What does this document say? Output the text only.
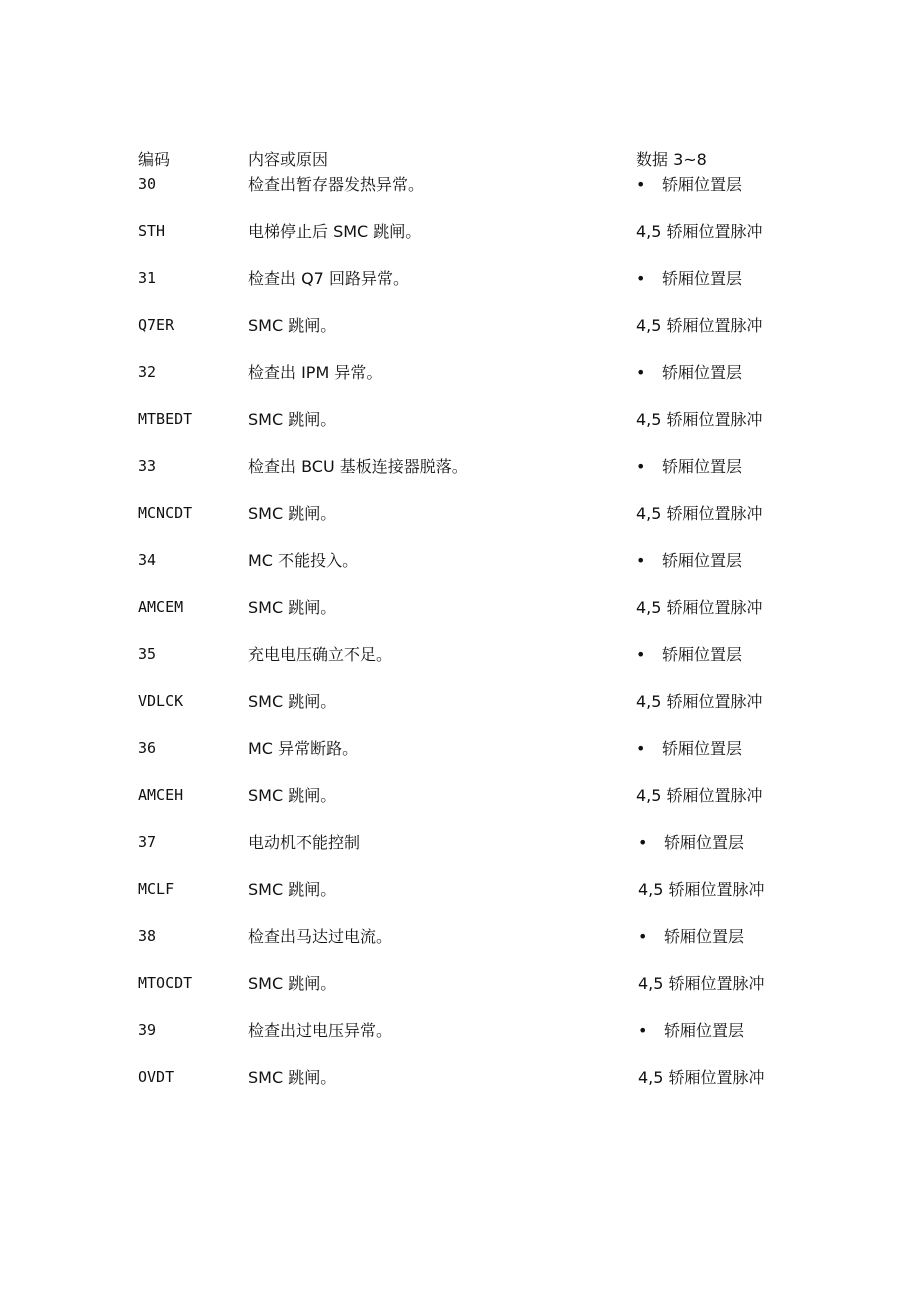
编码	内容或原因	数据 3~8
30	检查出暂存器发热异常。	• 轿厢位置层
STH	电梯停止后 SMC 跳闸。	4,5 轿厢位置脉冲
31	检查出 Q7 回路异常。	• 轿厢位置层
Q7ER	SMC 跳闸。	4,5 轿厢位置脉冲
32	检查出 IPM 异常。	• 轿厢位置层
MTBEDT	SMC 跳闸。	4,5 轿厢位置脉冲
33	检查出 BCU 基板连接器脱落。	• 轿厢位置层
MCNCDT	SMC 跳闸。	4,5 轿厢位置脉冲
34	MC 不能投入。	• 轿厢位置层
AMCEM	SMC 跳闸。	4,5 轿厢位置脉冲
35	充电电压确立不足。	• 轿厢位置层
VDLCK	SMC 跳闸。	4,5 轿厢位置脉冲
36	MC 异常断路。	• 轿厢位置层
AMCEH	SMC 跳闸。	4,5 轿厢位置脉冲
37	电动机不能控制	• 轿厢位置层
MCLF	SMC 跳闸。	4,5 轿厢位置脉冲
38	检查出马达过电流。	• 轿厢位置层
MTOCDT	SMC 跳闸。	4,5 轿厢位置脉冲
39	检查出过电压异常。	• 轿厢位置层
OVDT	SMC 跳闸。	4,5 轿厢位置脉冲
